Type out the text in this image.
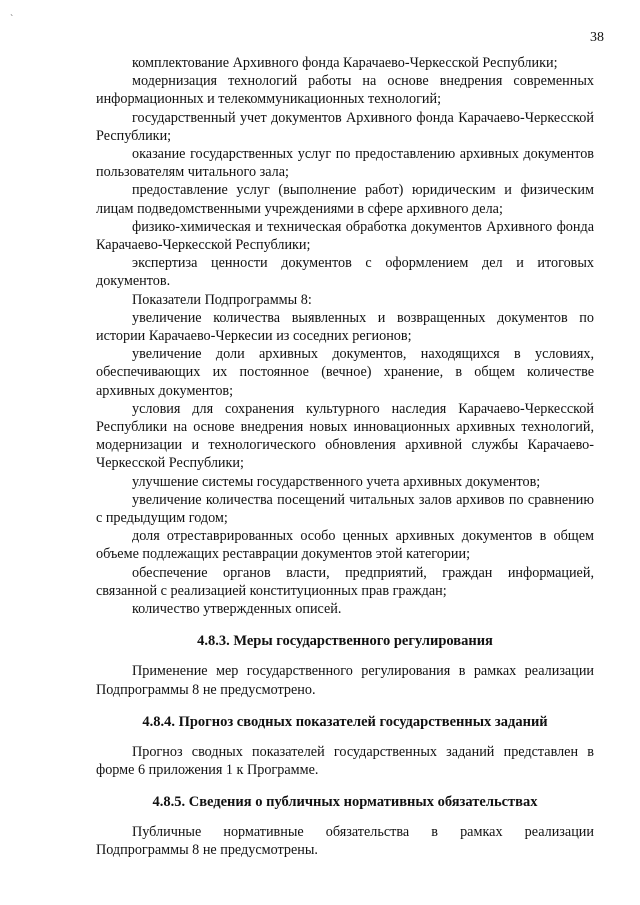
`
38

комплектование Архивного фонда Карачаево-Черкесской Республики;

модернизация технологий работы на основе внедрения современных информационных и телекоммуникационных технологий;

государственный учет документов Архивного фонда Карачаево-Черкесской Республики;

оказание государственных услуг по предоставлению архивных документов пользователям читального зала;

предоставление услуг (выполнение работ) юридическим и физическим лицам подведомственными учреждениями в сфере архивного дела;

физико-химическая и техническая обработка документов Архивного фонда Карачаево-Черкесской Республики;

экспертиза ценности документов с оформлением дел и итоговых документов.

Показатели Подпрограммы 8:

увеличение количества выявленных и возвращенных документов по истории Карачаево-Черкесии из соседних регионов;

увеличение доли архивных документов, находящихся в условиях, обеспечивающих их постоянное (вечное) хранение, в общем количестве архивных документов;

условия для сохранения культурного наследия Карачаево-Черкесской Республики на основе внедрения новых инновационных архивных технологий, модернизации и технологического обновления архивной службы Карачаево-Черкесской Республики;

улучшение системы государственного учета архивных документов;

увеличение количества посещений читальных залов архивов по сравнению с предыдущим годом;

доля отреставрированных особо ценных архивных документов в общем объеме подлежащих реставрации документов этой категории;

обеспечение органов власти, предприятий, граждан информацией, связанной с реализацией конституционных прав граждан;

количество утвержденных описей.

4.8.3. Меры государственного регулирования

Применение мер государственного регулирования в рамках реализации Подпрограммы 8 не предусмотрено.

4.8.4. Прогноз сводных показателей государственных заданий

Прогноз сводных показателей государственных заданий представлен в форме 6 приложения 1 к Программе.

4.8.5. Сведения о публичных нормативных обязательствах

Публичные нормативные обязательства в рамках реализации Подпрограммы 8 не предусмотрены.
